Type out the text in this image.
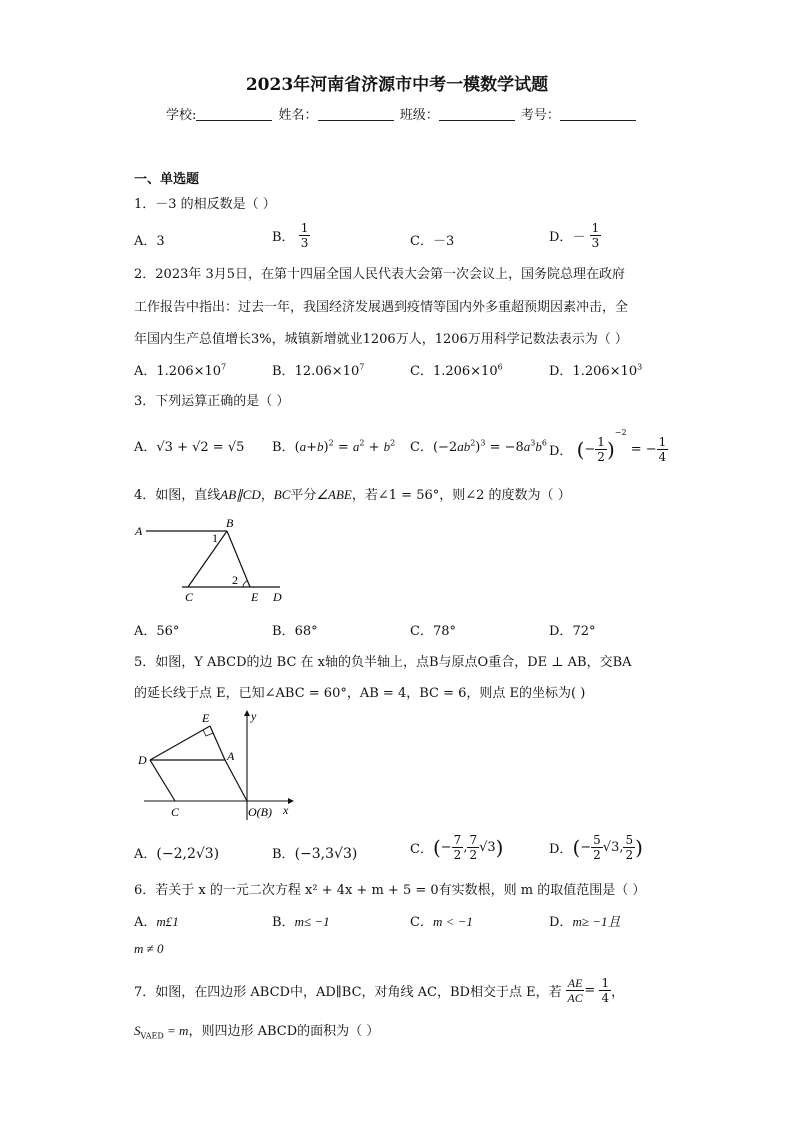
2023年河南省济源市中考一模数学试题
学校:	姓名：	班级：	考号：
一、单选题
1．－3 的相反数是（ ）
A．3	B． $\frac{1}{3}$	C．－3	D．－ $\frac{1}{3}$
2．2023年 3月5日，在第十四届全国人民代表大会第一次会议上，国务院总理在政府
工作报告中指出：过去一年，我国经济发展遇到疫情等国内外多重超预期因素冲击，全
年国内生产总值增长3%，城镇新增就业1206万人，1206万用科学记数法表示为（ ）
A．$1.206\times 10^7$	B．$12.06\times 10^7$	C．$1.206\times 10^6$	D．$1.206\times 10^3$
3．下列运算正确的是（ ）
A．√3 + √2 = √5 B．$(a+b)^2 = a^2 + b^2$ C．$(-2ab^2)^3 = -8a^3b^6$
D． (− $\frac{1}{2} )^{-2}$ = − $\frac{1}{4}$
4．如图，直线AB∥CD，BC平分∠ABE，若∠1 = 56°，则∠2 的度数为（ ）
A
B
1
2
C	E D
A．56°	B．68°	C．78°	D．72°
5．如图，Y ABCD的边 BC 在 x轴的负半轴上，点B与原点O重合，DE ⊥ AB，交BA
的延长线于点 E，已知∠ABC = 60°，AB = 4，BC = 6，则点 E的坐标为( )
E
A
D
C	O(B) x
y
A．(−2,2√3)	B．(−3,3√3)	C．(− $\frac{7}{2}$ , $\frac{7}{2} √3$)	D．(− $\frac{5}{2} √3$, $\frac{5}{2}$ )
6．若关于 x 的一元二次方程 x² + 4x + m + 5 = 0有实数根，则 m 的取值范围是（ ）
A．m£1	B．m≤ −1	C．m < −1	D．m≥ −1且
m ≠ 0
7．如图，在四边形 ABCD中，AD∥BC，对角线 AC，BD相交于点 E，若 $\frac{AE}{AC} = \frac{1}{4}$ ，
$S_{VAED} = m$，则四边形 ABCD的面积为（ ）
